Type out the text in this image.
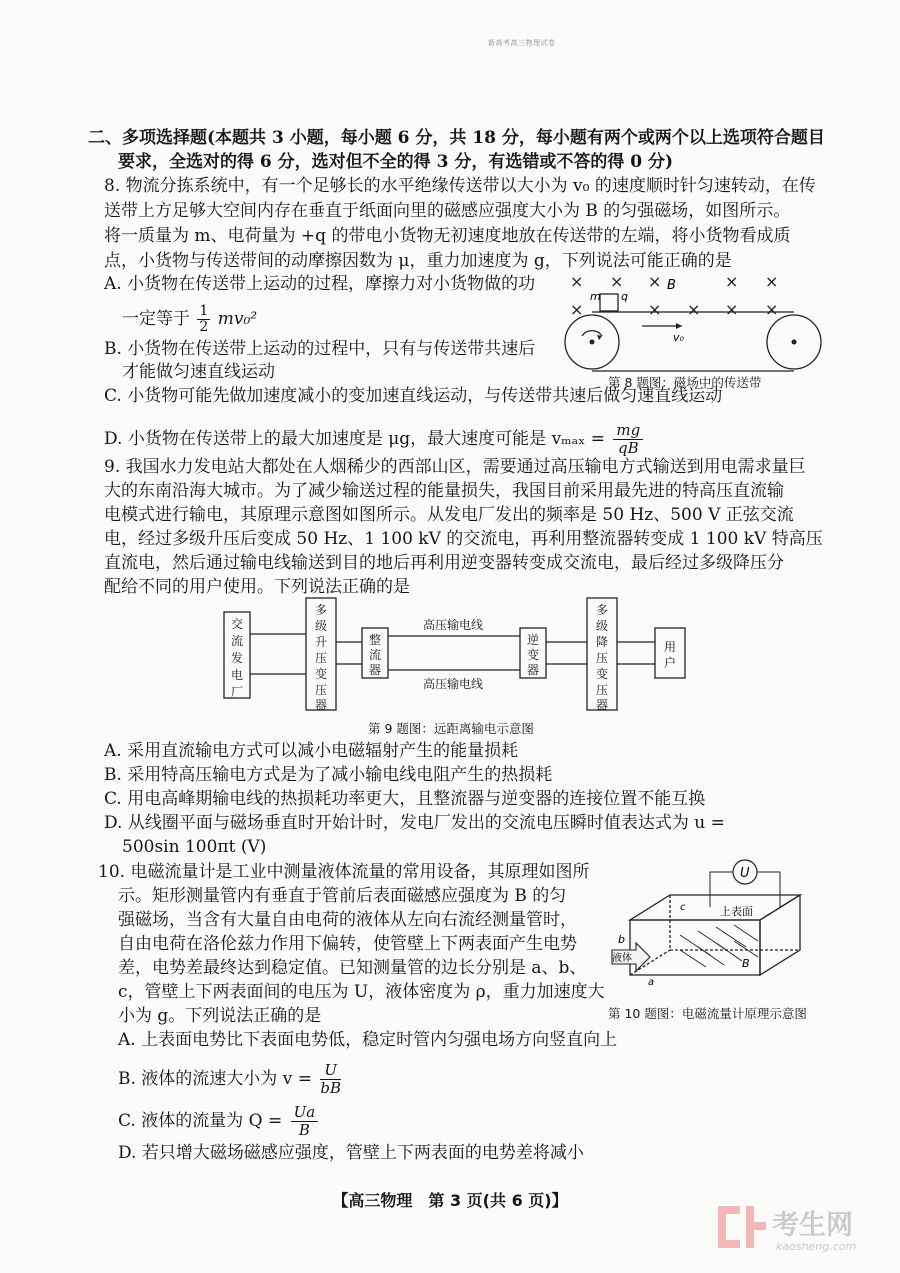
新高考高三物理试卷
二、多项选择题(本题共 3 小题，每小题 6 分，共 18 分，每小题有两个或两个以上选项符合题目
要求，全选对的得 6 分，选对但不全的得 3 分，有选错或不答的得 0 分)
8. 物流分拣系统中，有一个足够长的水平绝缘传送带以大小为 v₀ 的速度顺时针匀速转动，在传
送带上方足够大空间内存在垂直于纸面向里的磁感应强度大小为 B 的匀强磁场，如图所示。
将一质量为 m、电荷量为 +q 的带电小货物无初速度地放在传送带的左端，将小货物看成质
点，小货物与传送带间的动摩擦因数为 μ，重力加速度为 g，下列说法可能正确的是
A. 小货物在传送带上运动的过程，摩擦力对小货物做的功
一定等于 $\frac{1}{2} mv_0^2$
B. 小货物在传送带上运动的过程中，只有与传送带共速后
才能做匀速直线运动
C. 小货物可能先做加速度减小的变加速直线运动，与传送带共速后做匀速直线运动
D. 小货物在传送带上的最大加速度是 μg，最大速度可能是 $v_{max} = \frac{mg}{qB}$
× × ×	× ×
×	× × × ×
B
m q
v₀
第 8 题图：磁场中的传送带
9. 我国水力发电站大都处在人烟稀少的西部山区，需要通过高压输电方式输送到用电需求量巨
大的东南沿海大城市。为了减少输送过程的能量损失，我国目前采用最先进的特高压直流输
电模式进行输电，其原理示意图如图所示。从发电厂发出的频率是 50 Hz、500 V 正弦交流
电，经过多级升压后变成 50 Hz、1 100 kV 的交流电，再利用整流器转变成 1 100 kV 特高压
直流电，然后通过输电线输送到目的地后再利用逆变器转变成交流电，最后经过多级降压分
配给不同的用户使用。下列说法正确的是
交流发电厂
多级升压变压器
整流器
逆变器
多级降压变压器
用户
高压输电线
高压输电线
第 9 题图：远距离输电示意图
A. 采用直流输电方式可以减小电磁辐射产生的能量损耗
B. 采用特高压输电方式是为了减小输电线电阻产生的热损耗
C. 用电高峰期输电线的热损耗功率更大，且整流器与逆变器的连接位置不能互换
D. 从线圈平面与磁场垂直时开始计时，发电厂发出的交流电压瞬时值表达式为 u =
500sin 100πt (V)
10. 电磁流量计是工业中测量液体流量的常用设备，其原理如图所
示。矩形测量管内有垂直于管前后表面磁感应强度为 B 的匀
强磁场，当含有大量自由电荷的液体从左向右流经测量管时，
自由电荷在洛伦兹力作用下偏转，使管壁上下两表面产生电势
差，电势差最终达到稳定值。已知测量管的边长分别是 a、b、
c，管壁上下两表面间的电压为 U，液体密度为 ρ，重力加速度大
小为 g。下列说法正确的是
U
c	上表面
b
液体	B
a
第 10 题图：电磁流量计原理示意图
A. 上表面电势比下表面电势低，稳定时管内匀强电场方向竖直向上
B. 液体的流速大小为 $v = \frac{U}{bB}$
C. 液体的流量为 $Q = \frac{Ua}{B}$
D. 若只增大磁场磁感应强度，管壁上下两表面的电势差将减小
【高三物理　第 3 页(共 6 页)】
考生网
kaosheng.com
